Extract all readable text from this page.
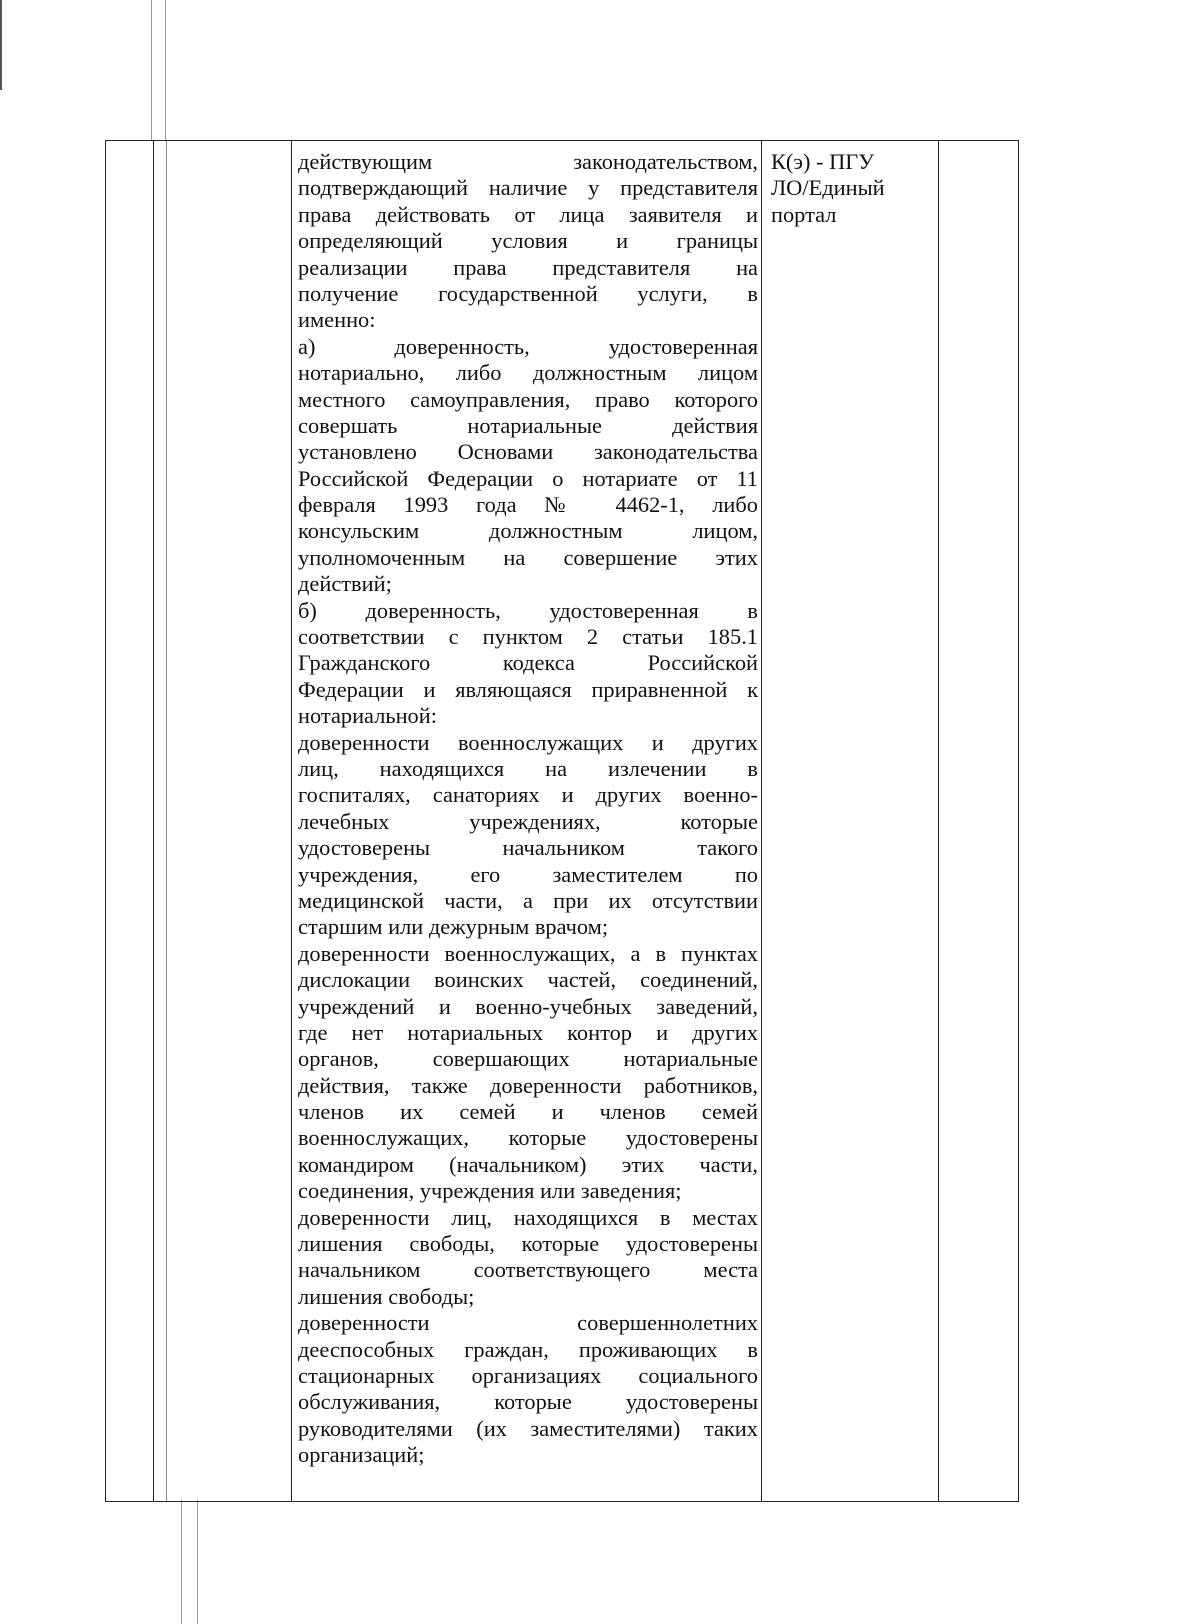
действующим законодательством,
подтверждающий наличие у представителя
права действовать от лица заявителя и
определяющий условия и границы
реализации права представителя на
получение государственной услуги, в
именно:
а) доверенность, удостоверенная
нотариально, либо должностным лицом
местного самоуправления, право которого
совершать нотариальные действия
установлено Основами законодательства
Российской Федерации о нотариате от 11
февраля 1993 года № 4462-1, либо
консульским должностным лицом,
уполномоченным на совершение этих
действий;
б) доверенность, удостоверенная в
соответствии с пунктом 2 статьи 185.1
Гражданского кодекса Российской
Федерации и являющаяся приравненной к
нотариальной:
доверенности военнослужащих и других
лиц, находящихся на излечении в
госпиталях, санаториях и других военно-
лечебных учреждениях, которые
удостоверены начальником такого
учреждения, его заместителем по
медицинской части, а при их отсутствии
старшим или дежурным врачом;
доверенности военнослужащих, а в пунктах
дислокации воинских частей, соединений,
учреждений и военно-учебных заведений,
где нет нотариальных контор и других
органов, совершающих нотариальные
действия, также доверенности работников,
членов их семей и членов семей
военнослужащих, которые удостоверены
командиром (начальником) этих части,
соединения, учреждения или заведения;
доверенности лиц, находящихся в местах
лишения свободы, которые удостоверены
начальником соответствующего места
лишения свободы;
доверенности совершеннолетних
дееспособных граждан, проживающих в
стационарных организациях социального
обслуживания, которые удостоверены
руководителями (их заместителями) таких
организаций;
К(э) - ПГУ
ЛО/Единый
портал
